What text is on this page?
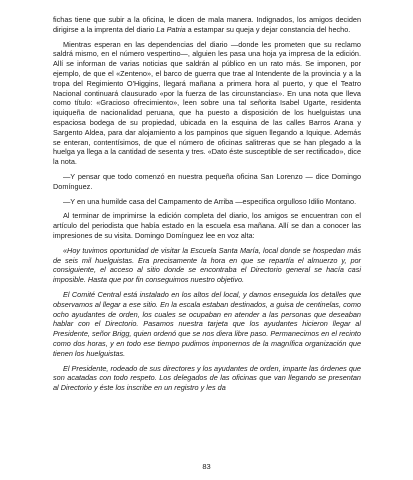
fichas tiene que subir a la oficina, le dicen de mala manera. Indignados, los amigos deciden dirigirse a la imprenta del diario La Patria a estampar su queja y dejar constancia del hecho.

Mientras esperan en las dependencias del diario —donde les prometen que su reclamo saldrá mismo, en el número vespertino—, alguien les pasa una hoja ya impresa de la edición. Allí se informan de varias noticias que saldrán al público en un rato más. Se imponen, por ejemplo, de que el «Zenteno», el barco de guerra que trae al Intendente de la provincia y a la tropa del Regimiento O'Higgins, llegará mañana a primera hora al puerto, y que el Teatro Nacional continuará clausurado «por la fuerza de las circunstancias». En una nota que lleva como título: «Gracioso ofrecimiento», leen sobre una tal señorita Isabel Ugarte, residenta iquiqueña de nacionalidad peruana, que ha puesto a disposición de los huelguistas una espaciosa bodega de su propiedad, ubicada en la esquina de las calles Barros Arana y Sargento Aldea, para dar alojamiento a los pampinos que siguen llegando a Iquique. Además se enteran, contentísimos, de que el número de oficinas salitreras que se han plegado a la huelga ya llega a la cantidad de sesenta y tres. «Dato éste susceptible de ser rectificado», dice la nota.

—Y pensar que todo comenzó en nuestra pequeña oficina San Lorenzo — dice Domingo Domínguez.

—Y en una humilde casa del Campamento de Arriba —especifica orgulloso Idilio Montano.

Al terminar de imprimirse la edición completa del diario, los amigos se encuentran con el artículo del periodista que había estado en la escuela esa mañana. Allí se dan a conocer las impresiones de su visita. Domingo Domínguez lee en voz alta:

«Hoy tuvimos oportunidad de visitar la Escuela Santa María, local donde se hospedan más de seis mil huelguistas. Era precisamente la hora en que se repartía el almuerzo y, por consiguiente, el acceso al sitio donde se encontraba el Directorio general se hacía casi imposible. Hasta que por fin conseguimos nuestro objetivo.

El Comité Central está instalado en los altos del local, y damos enseguida los detalles que observamos al llegar a ese sitio. En la escala estaban destinados, a guisa de centinelas, como ocho ayudantes de orden, los cuales se ocupaban en atender a las personas que deseaban hablar con el Directorio. Pasamos nuestra tarjeta que los ayudantes hicieron llegar al Presidente, señor Brigg, quien ordenó que se nos diera libre paso. Permanecimos en el recinto como dos horas, y en todo ese tiempo pudimos imponernos de la magnífica organización que tienen los huelguistas.

El Presidente, rodeado de sus directores y los ayudantes de orden, imparte las órdenes que son acatadas con todo respeto. Los delegados de las oficinas que van llegando se presentan al Directorio y éste los inscribe en un registro y les da

83
